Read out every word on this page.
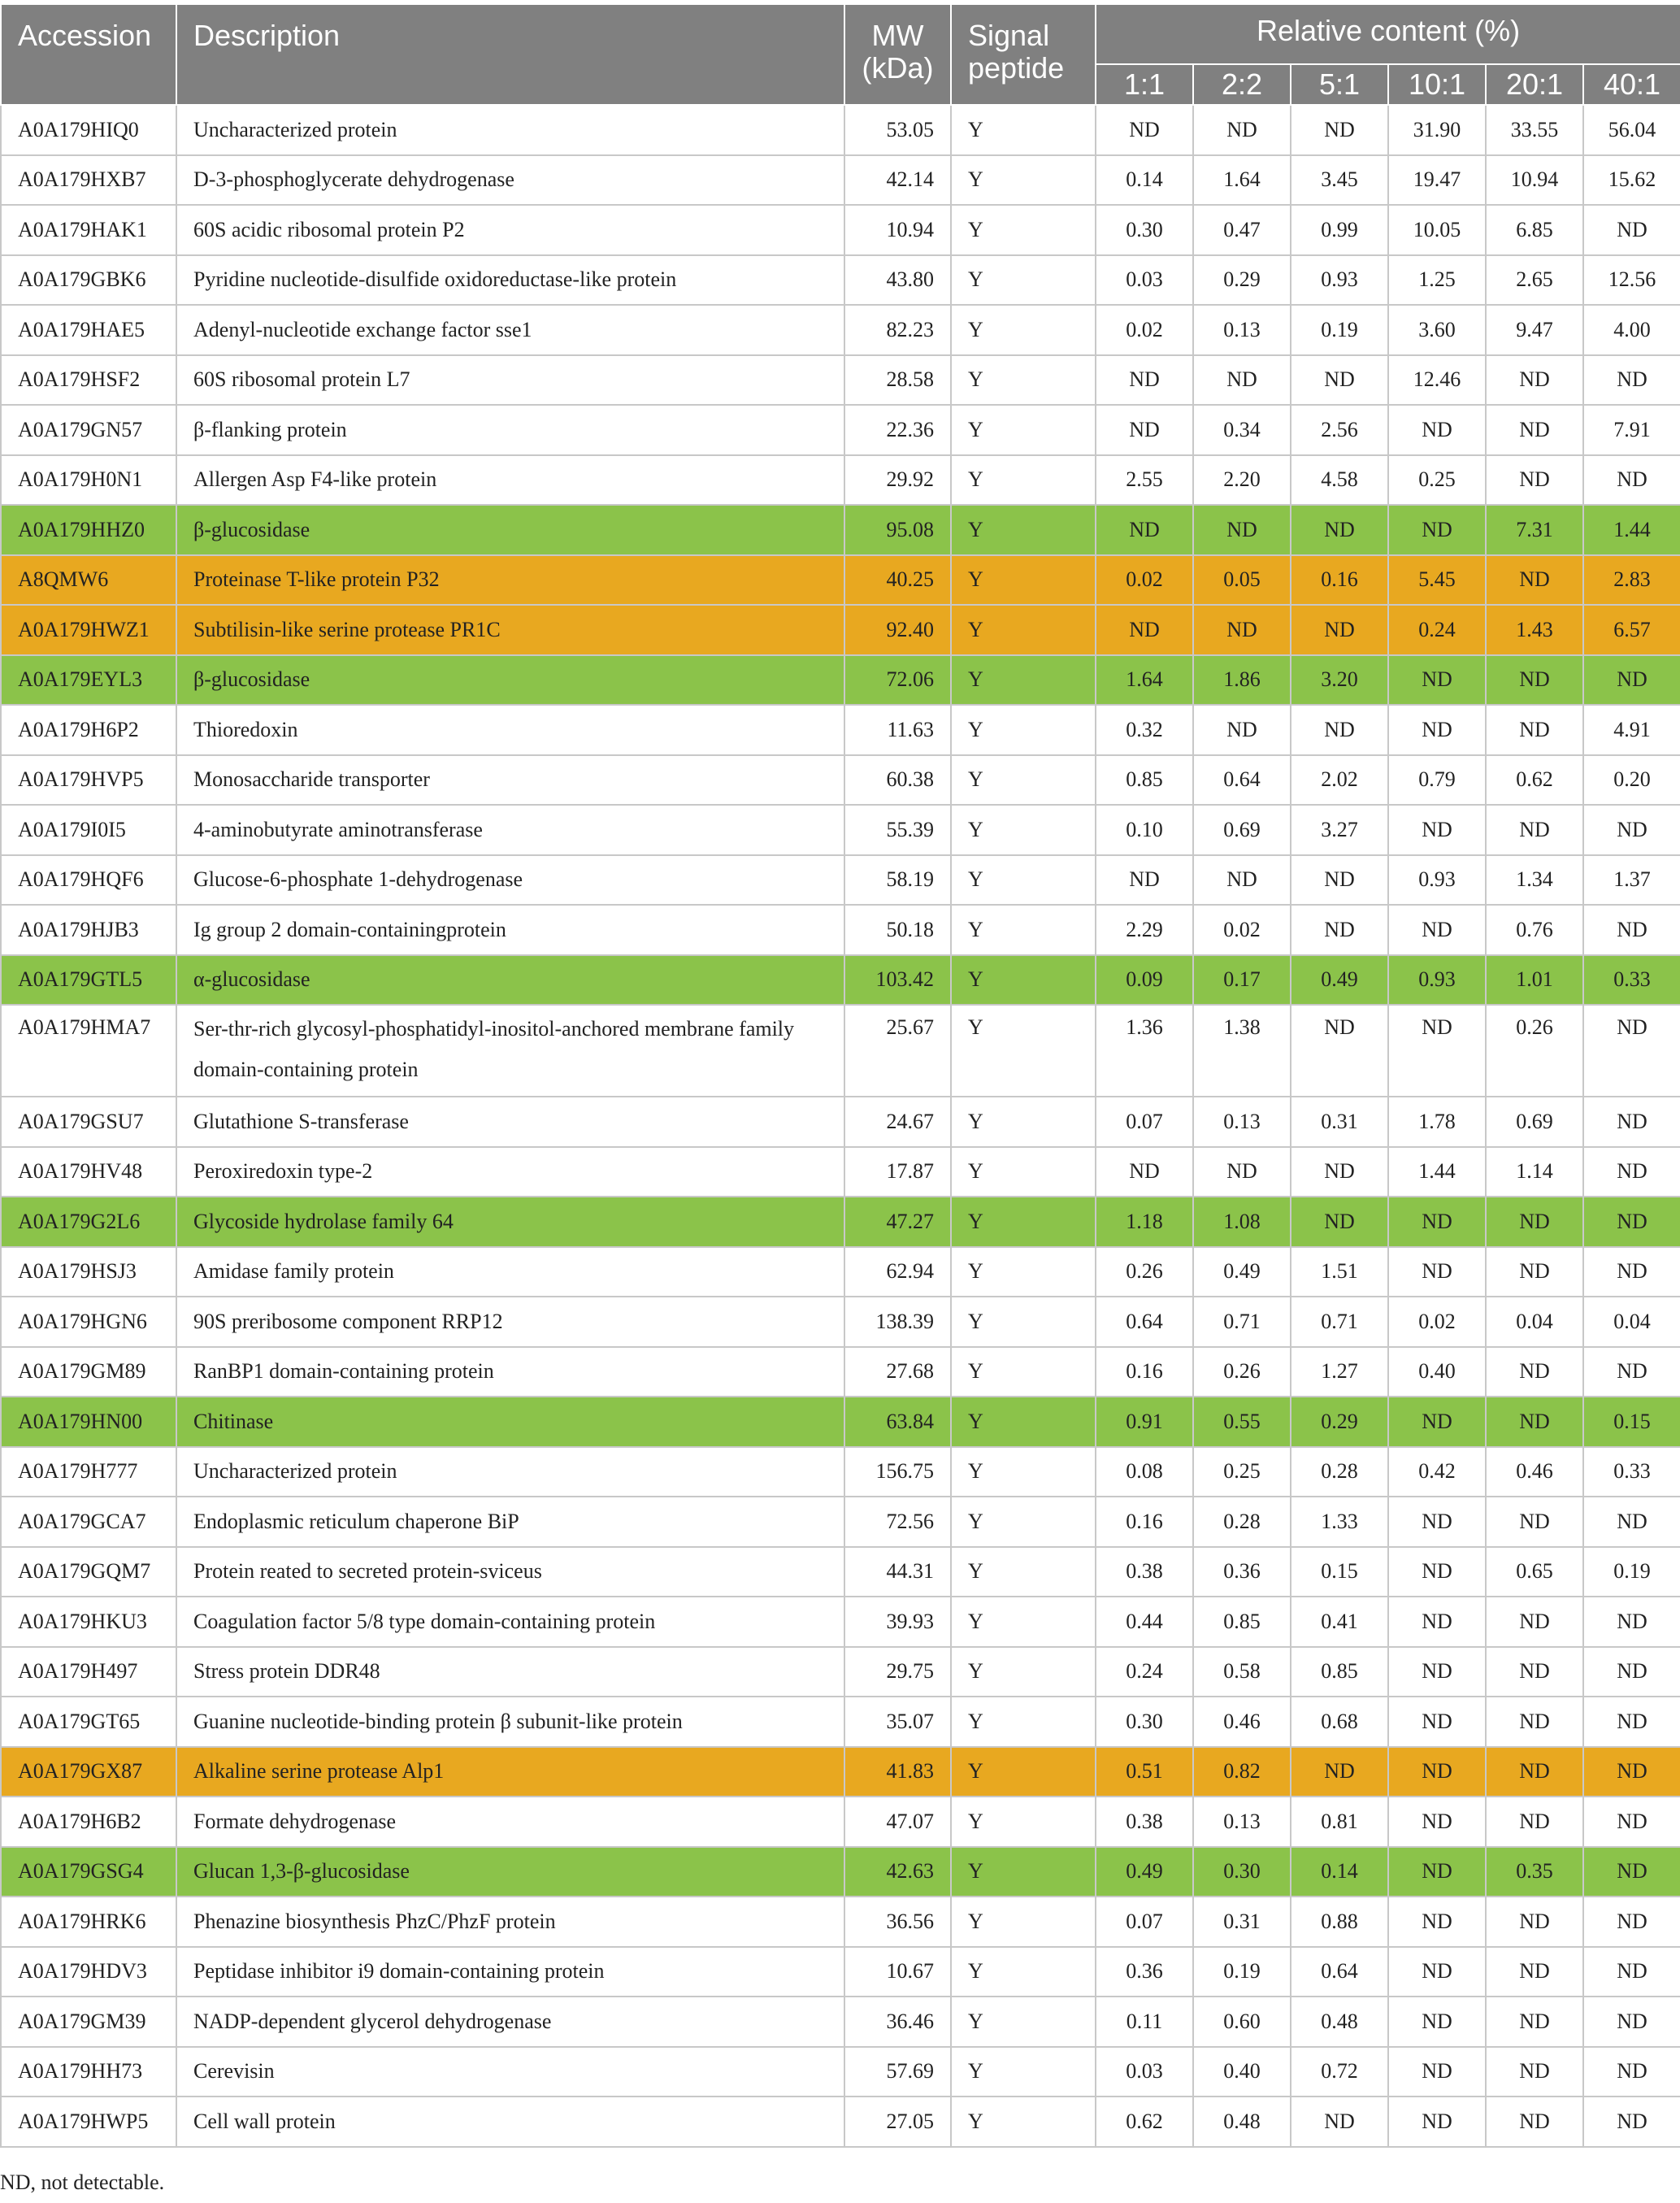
Accession	Description	MW (kDa)	Signal peptide	Relative content (%)					
				1:1	2:2	5:1	10:1	20:1	40:1
A0A179HIQ0	Uncharacterized protein	53.05	Y	ND	ND	ND	31.90	33.55	56.04
A0A179HXB7	D-3-phosphoglycerate dehydrogenase	42.14	Y	0.14	1.64	3.45	19.47	10.94	15.62
A0A179HAK1	60S acidic ribosomal protein P2	10.94	Y	0.30	0.47	0.99	10.05	6.85	ND
A0A179GBK6	Pyridine nucleotide-disulfide oxidoreductase-like protein	43.80	Y	0.03	0.29	0.93	1.25	2.65	12.56
A0A179HAE5	Adenyl-nucleotide exchange factor sse1	82.23	Y	0.02	0.13	0.19	3.60	9.47	4.00
A0A179HSF2	60S ribosomal protein L7	28.58	Y	ND	ND	ND	12.46	ND	ND
A0A179GN57	β-flanking protein	22.36	Y	ND	0.34	2.56	ND	ND	7.91
A0A179H0N1	Allergen Asp F4-like protein	29.92	Y	2.55	2.20	4.58	0.25	ND	ND
A0A179HHZ0	β-glucosidase	95.08	Y	ND	ND	ND	ND	7.31	1.44
A8QMW6	Proteinase T-like protein P32	40.25	Y	0.02	0.05	0.16	5.45	ND	2.83
A0A179HWZ1	Subtilisin-like serine protease PR1C	92.40	Y	ND	ND	ND	0.24	1.43	6.57
A0A179EYL3	β-glucosidase	72.06	Y	1.64	1.86	3.20	ND	ND	ND
A0A179H6P2	Thioredoxin	11.63	Y	0.32	ND	ND	ND	ND	4.91
A0A179HVP5	Monosaccharide transporter	60.38	Y	0.85	0.64	2.02	0.79	0.62	0.20
A0A179I0I5	4-aminobutyrate aminotransferase	55.39	Y	0.10	0.69	3.27	ND	ND	ND
A0A179HQF6	Glucose-6-phosphate 1-dehydrogenase	58.19	Y	ND	ND	ND	0.93	1.34	1.37
A0A179HJB3	Ig group 2 domain-containingprotein	50.18	Y	2.29	0.02	ND	ND	0.76	ND
A0A179GTL5	α-glucosidase	103.42	Y	0.09	0.17	0.49	0.93	1.01	0.33
A0A179HMA7	Ser-thr-rich glycosyl-phosphatidyl-inositol-anchored membrane family domain-containing protein	25.67	Y	1.36	1.38	ND	ND	0.26	ND
A0A179GSU7	Glutathione S-transferase	24.67	Y	0.07	0.13	0.31	1.78	0.69	ND
A0A179HV48	Peroxiredoxin type-2	17.87	Y	ND	ND	ND	1.44	1.14	ND
A0A179G2L6	Glycoside hydrolase family 64	47.27	Y	1.18	1.08	ND	ND	ND	ND
A0A179HSJ3	Amidase family protein	62.94	Y	0.26	0.49	1.51	ND	ND	ND
A0A179HGN6	90S preribosome component RRP12	138.39	Y	0.64	0.71	0.71	0.02	0.04	0.04
A0A179GM89	RanBP1 domain-containing protein	27.68	Y	0.16	0.26	1.27	0.40	ND	ND
A0A179HN00	Chitinase	63.84	Y	0.91	0.55	0.29	ND	ND	0.15
A0A179H777	Uncharacterized protein	156.75	Y	0.08	0.25	0.28	0.42	0.46	0.33
A0A179GCA7	Endoplasmic reticulum chaperone BiP	72.56	Y	0.16	0.28	1.33	ND	ND	ND
A0A179GQM7	Protein reated to secreted protein-sviceus	44.31	Y	0.38	0.36	0.15	ND	0.65	0.19
A0A179HKU3	Coagulation factor 5/8 type domain-containing protein	39.93	Y	0.44	0.85	0.41	ND	ND	ND
A0A179H497	Stress protein DDR48	29.75	Y	0.24	0.58	0.85	ND	ND	ND
A0A179GT65	Guanine nucleotide-binding protein β subunit-like protein	35.07	Y	0.30	0.46	0.68	ND	ND	ND
A0A179GX87	Alkaline serine protease Alp1	41.83	Y	0.51	0.82	ND	ND	ND	ND
A0A179H6B2	Formate dehydrogenase	47.07	Y	0.38	0.13	0.81	ND	ND	ND
A0A179GSG4	Glucan 1,3-β-glucosidase	42.63	Y	0.49	0.30	0.14	ND	0.35	ND
A0A179HRK6	Phenazine biosynthesis PhzC/PhzF protein	36.56	Y	0.07	0.31	0.88	ND	ND	ND
A0A179HDV3	Peptidase inhibitor i9 domain-containing protein	10.67	Y	0.36	0.19	0.64	ND	ND	ND
A0A179GM39	NADP-dependent glycerol dehydrogenase	36.46	Y	0.11	0.60	0.48	ND	ND	ND
A0A179HH73	Cerevisin	57.69	Y	0.03	0.40	0.72	ND	ND	ND
A0A179HWP5	Cell wall protein	27.05	Y	0.62	0.48	ND	ND	ND	ND
ND, not detectable.
